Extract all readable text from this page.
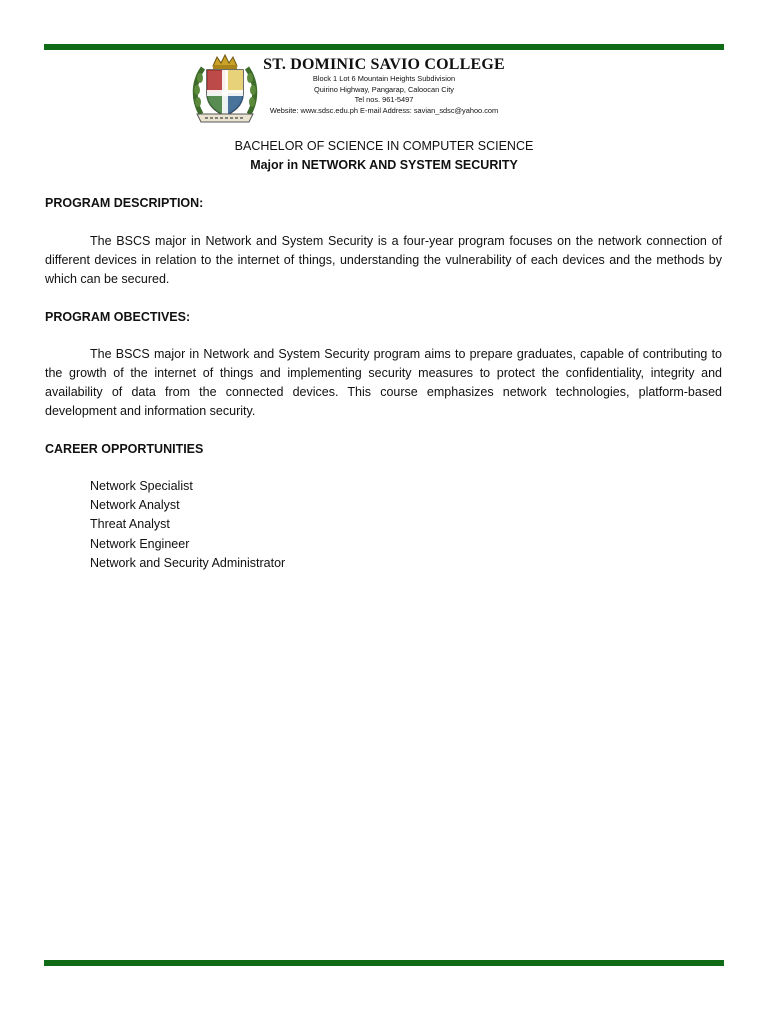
ST. DOMINIC SAVIO COLLEGE
Block 1 Lot 6 Mountain Heights Subdivision
Quirino Highway, Pangarap, Caloocan City
Tel nos. 961-5497
Website: www.sdsc.edu.ph E-mail Address: savian_sdsc@yahoo.com
BACHELOR OF SCIENCE IN COMPUTER SCIENCE
Major in NETWORK AND SYSTEM SECURITY
PROGRAM DESCRIPTION:

The BSCS major in Network and System Security is a four-year program focuses on the network connection of different devices in relation to the internet of things, understanding the vulnerability of each devices and the methods by which can be secured.

PROGRAM OBECTIVES:

The BSCS major in Network and System Security program aims to prepare graduates, capable of contributing to the growth of the internet of things and implementing security measures to protect the confidentiality, integrity and availability of data from the connected devices. This course emphasizes network technologies, platform-based development and information security.

CAREER OPPORTUNITIES
Network Specialist
Network Analyst
Threat Analyst
Network Engineer
Network and Security Administrator
